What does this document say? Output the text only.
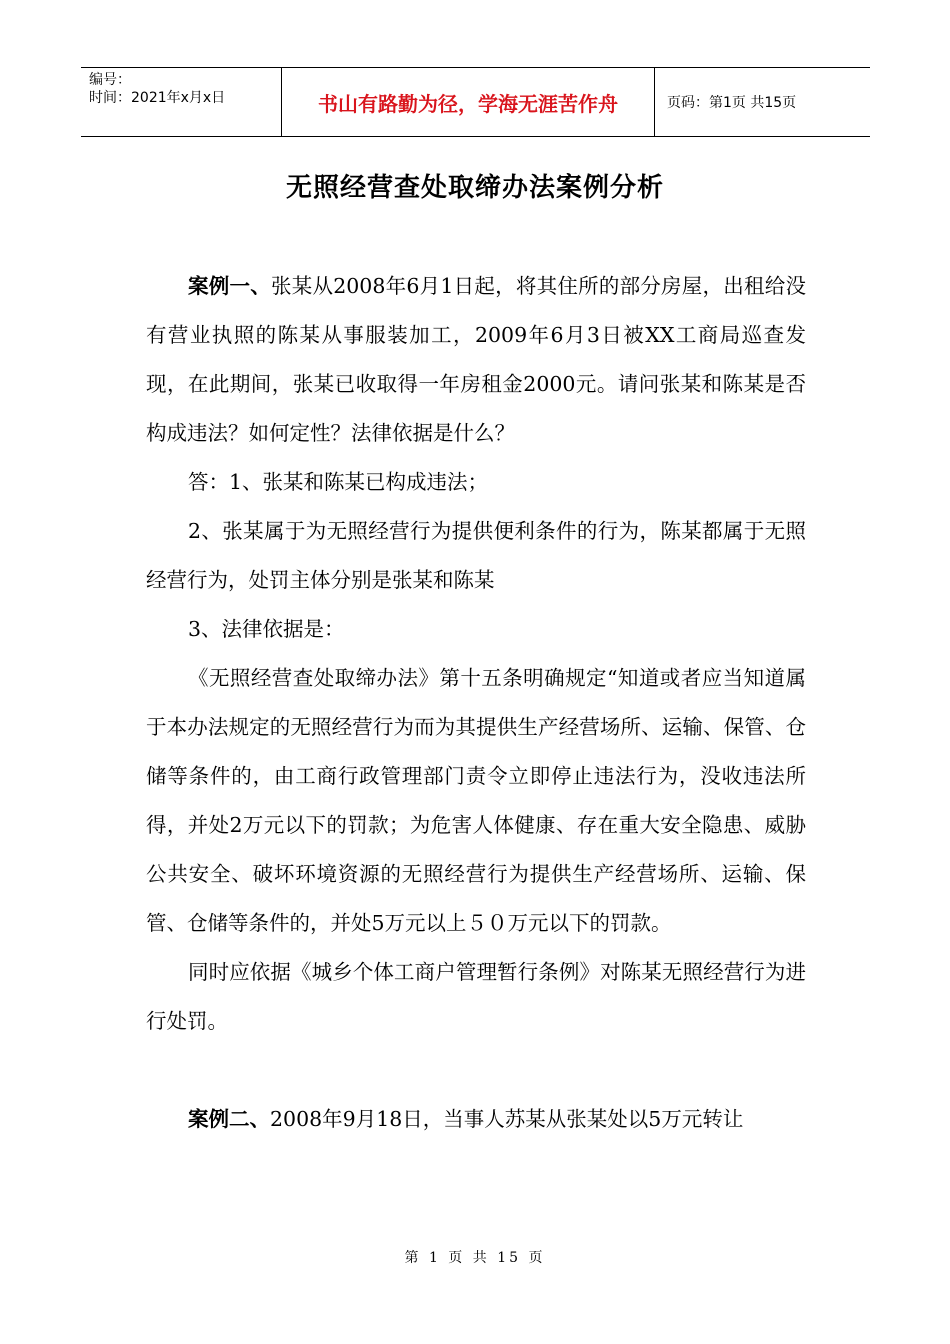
编号：
时间：2021年x月x日	书山有路勤为径，学海无涯苦作舟	页码：第1页 共15页
无照经营查处取缔办法案例分析

案例一、张某从2008年6月1日起，将其住所的部分房屋，出租给没有营业执照的陈某从事服装加工，2009年6月3日被XX工商局巡查发现，在此期间，张某已收取得一年房租金2000元。请问张某和陈某是否构成违法？如何定性？法律依据是什么？

答：1、张某和陈某已构成违法；

2、张某属于为无照经营行为提供便利条件的行为，陈某都属于无照经营行为，处罚主体分别是张某和陈某

3、法律依据是：

《无照经营查处取缔办法》第十五条明确规定“知道或者应当知道属于本办法规定的无照经营行为而为其提供生产经营场所、运输、保管、仓储等条件的，由工商行政管理部门责令立即停止违法行为，没收违法所得，并处2万元以下的罚款；为危害人体健康、存在重大安全隐患、威胁公共安全、破坏环境资源的无照经营行为提供生产经营场所、运输、保管、仓储等条件的，并处5万元以上５０万元以下的罚款。

同时应依据《城乡个体工商户管理暂行条例》对陈某无照经营行为进行处罚。

案例二、2008年9月18日，当事人苏某从张某处以5万元转让

第 1 页 共 15 页
